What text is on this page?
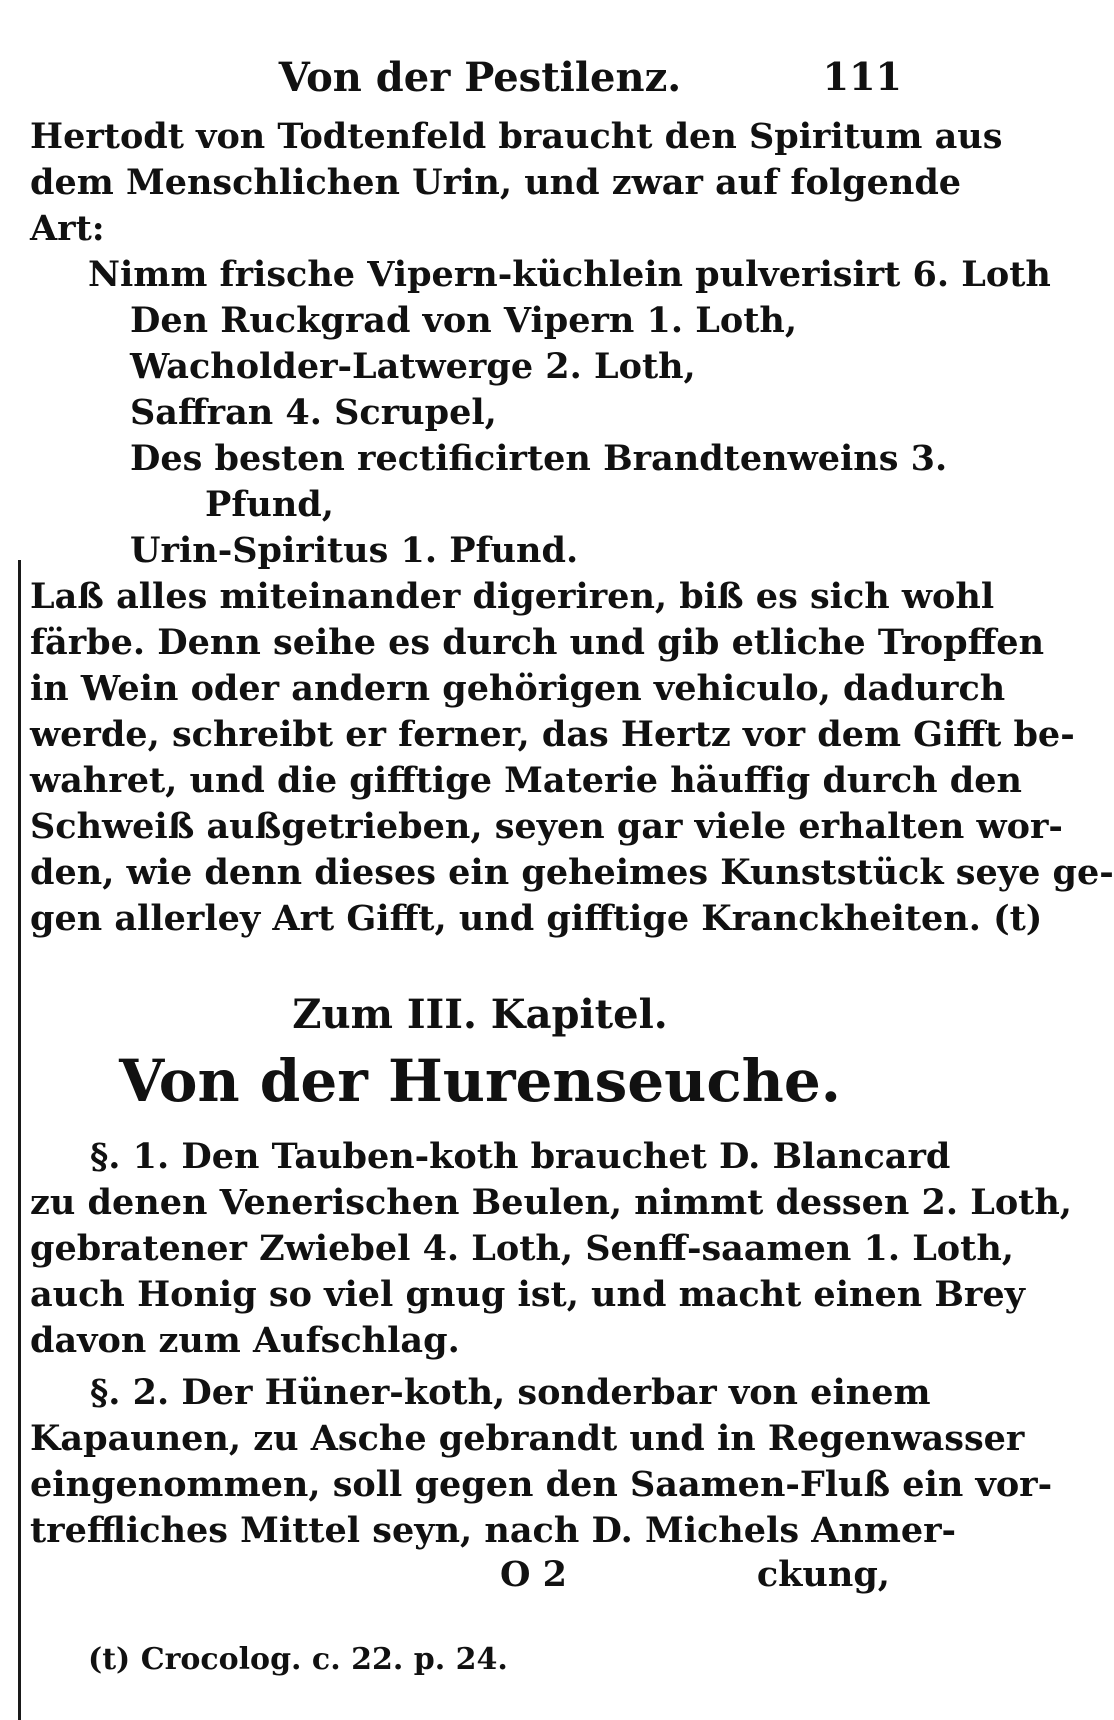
Von der Pestilenz.	111
Hertodt von Todtenfeld braucht den Spiritum aus
dem Menschlichen Urin, und zwar auf folgende
Art:
Nimm frische Vipern-küchlein pulverisirt 6. Loth
Den Ruckgrad von Vipern 1. Loth,
Wacholder-Latwerge 2. Loth,
Saffran 4. Scrupel,
Des besten rectificirten Brandtenweins 3.
Pfund,
Urin-Spiritus 1. Pfund.
Laß alles miteinander digeriren, biß es sich wohl
färbe. Denn seihe es durch und gib etliche Tropffen
in Wein oder andern gehörigen vehiculo, dadurch
werde, schreibt er ferner, das Hertz vor dem Gifft be-
wahret, und die gifftige Materie häuffig durch den
Schweiß außgetrieben, seyen gar viele erhalten wor-
den, wie denn dieses ein geheimes Kunststück seye ge-
gen allerley Art Gifft, und gifftige Kranckheiten. (t)
Zum III. Kapitel.
Von der Hurenseuche.
§. 1. Den Tauben-koth brauchet D. Blancard
zu denen Venerischen Beulen, nimmt dessen 2. Loth,
gebratener Zwiebel 4. Loth, Senff-saamen 1. Loth,
auch Honig so viel gnug ist, und macht einen Brey
davon zum Aufschlag.
§. 2. Der Hüner-koth, sonderbar von einem
Kapaunen, zu Asche gebrandt und in Regenwasser
eingenommen, soll gegen den Saamen-Fluß ein vor-
treffliches Mittel seyn, nach D. Michels Anmer-
O 2	ckung,
(t) Crocolog. c. 22. p. 24.
